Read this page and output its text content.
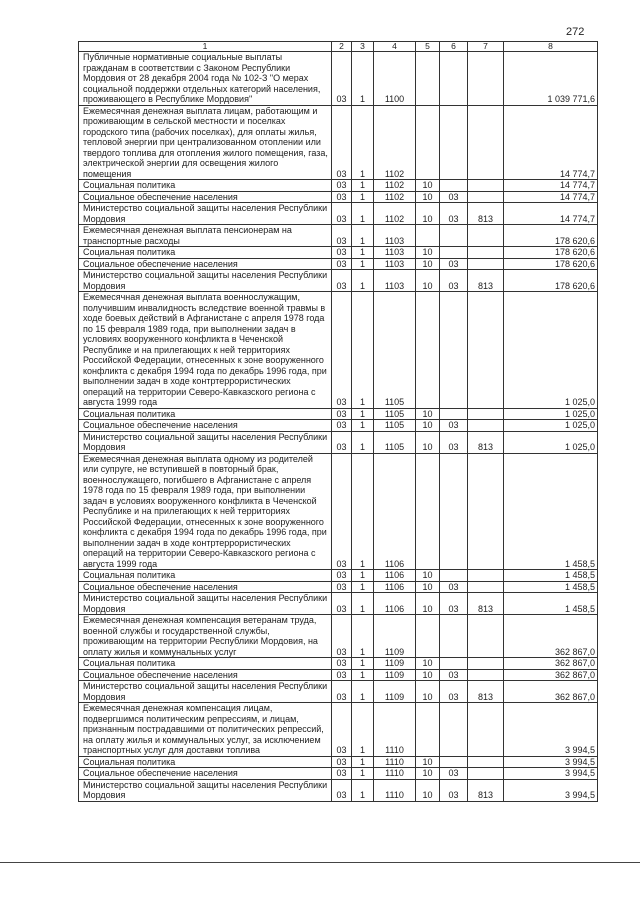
272
1	2	3	4	5	6	7	8
Публичные нормативные социальные выплаты гражданам в соответствии с Законом Республики Мордовия от 28 декабря 2004 года № 102-З "О мерах социальной поддержки отдельных категорий населения, проживающего в Республике Мордовия"	03	1	1100				1 039 771,6
Ежемесячная денежная выплата лицам, работающим и проживающим в сельской местности и поселках городского типа (рабочих поселках), для оплаты жилья, тепловой энергии при централизованном отоплении или твердого топлива для отопления жилого помещения, газа, электрической энергии для освещения жилого помещения	03	1	1102				14 774,7
Социальная политика	03	1	1102	10			14 774,7
Социальное обеспечение населения	03	1	1102	10	03		14 774,7
Министерство социальной защиты населения Республики Мордовия	03	1	1102	10	03	813	14 774,7
Ежемесячная денежная выплата пенсионерам на транспортные расходы	03	1	1103				178 620,6
Социальная политика	03	1	1103	10			178 620,6
Социальное обеспечение населения	03	1	1103	10	03		178 620,6
Министерство социальной защиты населения Республики Мордовия	03	1	1103	10	03	813	178 620,6
Ежемесячная денежная выплата военнослужащим, получившим инвалидность вследствие военной травмы в ходе боевых действий в Афганистане с апреля 1978 года по 15 февраля 1989 года, при выполнении задач в условиях вооруженного конфликта в Чеченской Республике и на прилегающих к ней территориях Российской Федерации, отнесенных к зоне вооруженного конфликта с декабря 1994 года по декабрь 1996 года, при выполнении задач в ходе контртеррористических операций на территории Северо-Кавказского региона с августа 1999 года	03	1	1105				1 025,0
Социальная политика	03	1	1105	10			1 025,0
Социальное обеспечение населения	03	1	1105	10	03		1 025,0
Министерство социальной защиты населения Республики Мордовия	03	1	1105	10	03	813	1 025,0
Ежемесячная денежная выплата одному из родителей или супруге, не вступившей в повторный брак, военнослужащего, погибшего в Афганистане с апреля 1978 года по 15 февраля 1989 года, при выполнении задач в условиях вооруженного конфликта в Чеченской Республике и на прилегающих к ней территориях Российской Федерации, отнесенных к зоне вооруженного конфликта с декабря 1994 года по декабрь 1996 года, при выполнении задач в ходе контртеррористических операций на территории Северо-Кавказского региона с августа 1999 года	03	1	1106				1 458,5
Социальная политика	03	1	1106	10			1 458,5
Социальное обеспечение населения	03	1	1106	10	03		1 458,5
Министерство социальной защиты населения Республики Мордовия	03	1	1106	10	03	813	1 458,5
Ежемесячная денежная компенсация ветеранам труда, военной службы и государственной службы, проживающим на территории Республики Мордовия, на оплату жилья и коммунальных услуг	03	1	1109				362 867,0
Социальная политика	03	1	1109	10			362 867,0
Социальное обеспечение населения	03	1	1109	10	03		362 867,0
Министерство социальной защиты населения Республики Мордовия	03	1	1109	10	03	813	362 867,0
Ежемесячная денежная компенсация лицам, подвергшимся политическим репрессиям, и лицам, признанным пострадавшими от политических репрессий, на оплату жилья и коммунальных услуг, за исключением транспортных услуг для доставки топлива	03	1	1110				3 994,5
Социальная политика	03	1	1110	10			3 994,5
Социальное обеспечение населения	03	1	1110	10	03		3 994,5
Министерство социальной защиты населения Республики Мордовия	03	1	1110	10	03	813	3 994,5
